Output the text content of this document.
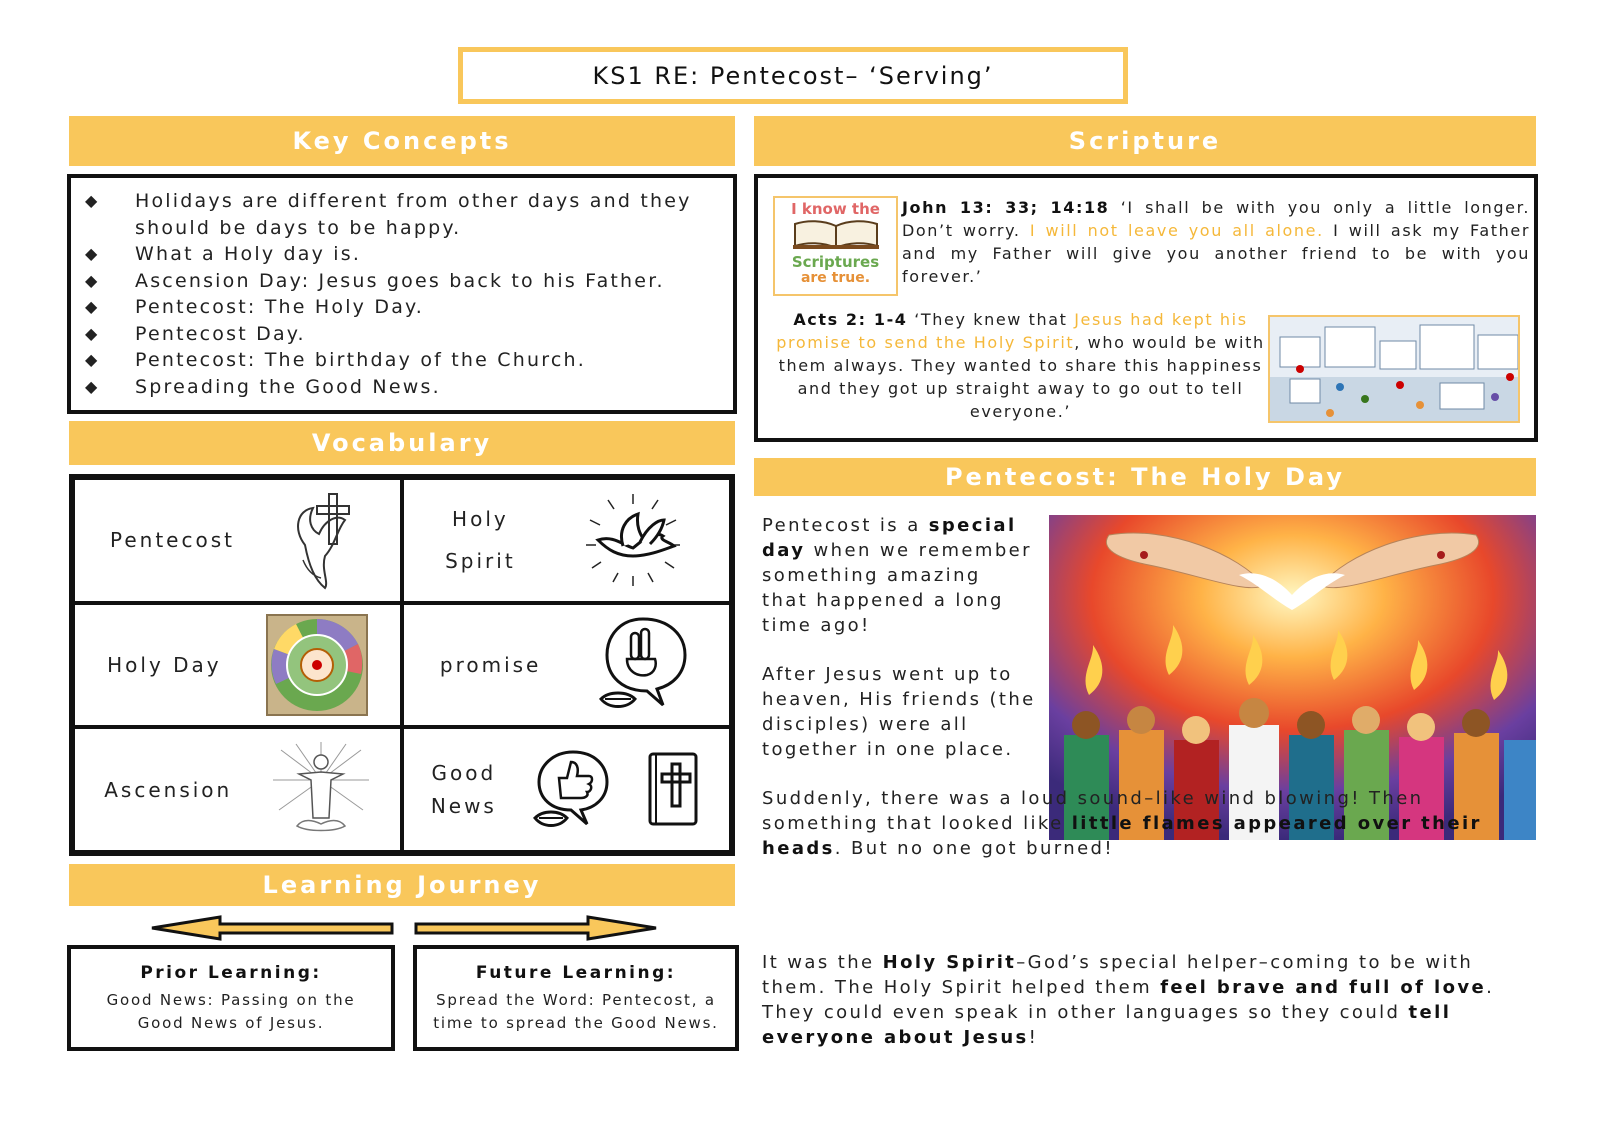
KS1 RE: Pentecost– ‘Serving’
Key Concepts
◆ Holidays are different from other days and they should be days to be happy.
◆ What a Holy day is.
◆ Ascension Day: Jesus goes back to his Father.
◆ Pentecost: The Holy Day.
◆ Pentecost Day.
◆ Pentecost: The birthday of the Church.
◆ Spreading the Good News.
Vocabulary
Pentecost
Holy
Spirit
Holy Day	promise
Ascension
Good
News
Learning Journey
Prior Learning:
Good News: Passing on the
Good News of Jesus.
Future Learning:
Spread the Word: Pentecost, a
time to spread the Good News.
Scripture
I know the
Scriptures
are true.
John 13: 33; 14:18 ‘I shall be with you only a little longer. Don’t worry. I will not leave you all alone. I will ask my Father and my Father will give you another friend to be with you forever.’
Acts 2: 1-4 ‘They knew that Jesus had kept his promise to send the Holy Spirit, who would be with them always. They wanted to share this happiness and they got up straight away to go out to tell everyone.’
Pentecost: The Holy Day
Pentecost is a special day when we remember something amazing that happened a long time ago!
After Jesus went up to heaven, His friends (the disciples) were all together in one place.
Suddenly, there was a loud sound–like wind blowing! Then something that looked like little flames appeared over their heads. But no one got burned!
It was the Holy Spirit–God’s special helper–coming to be with them. The Holy Spirit helped them feel brave and full of love. They could even speak in other languages so they could tell everyone about Jesus!
